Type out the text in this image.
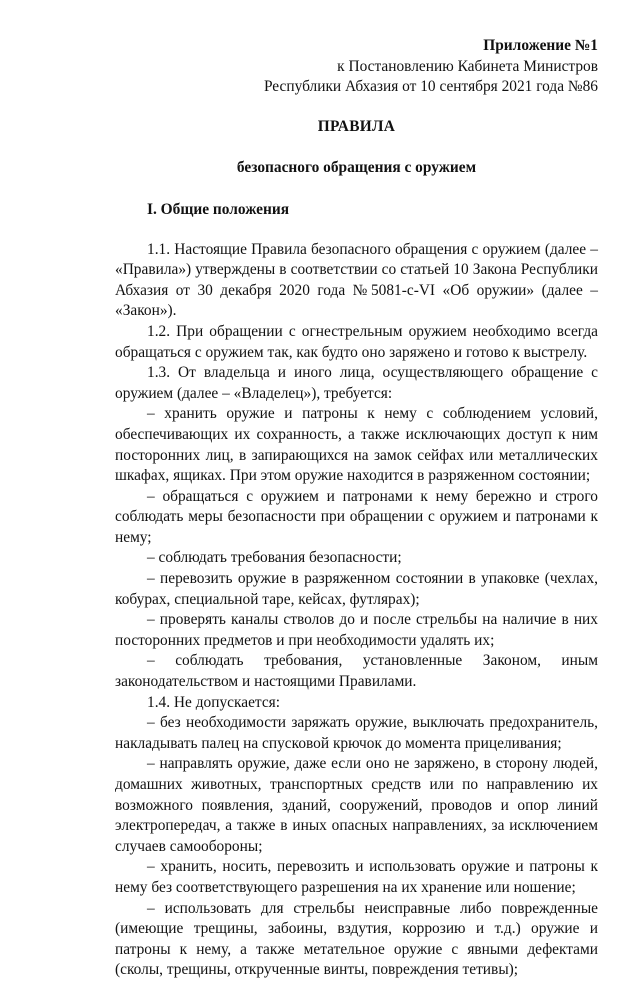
Приложение №1
к Постановлению Кабинета Министров
Республики Абхазия от 10 сентября 2021 года №86
ПРАВИЛА
безопасного обращения с оружием
I. Общие положения

1.1. Настоящие Правила безопасного обращения с оружием (далее – «Правила») утверждены в соответствии со статьей 10 Закона Республики Абхазия от 30 декабря 2020 года №5081-с-VI «Об оружии» (далее – «Закон»).

1.2. При обращении с огнестрельным оружием необходимо всегда обращаться с оружием так, как будто оно заряжено и готово к выстрелу.

1.3. От владельца и иного лица, осуществляющего обращение с оружием (далее – «Владелец»), требуется:

– хранить оружие и патроны к нему с соблюдением условий, обеспечивающих их сохранность, а также исключающих доступ к ним посторонних лиц, в запирающихся на замок сейфах или металлических шкафах, ящиках. При этом оружие находится в разряженном состоянии;

– обращаться с оружием и патронами к нему бережно и строго соблюдать меры безопасности при обращении с оружием и патронами к нему;

– соблюдать требования безопасности;

– перевозить оружие в разряженном состоянии в упаковке (чехлах, кобурах, специальной таре, кейсах, футлярах);

– проверять каналы стволов до и после стрельбы на наличие в них посторонних предметов и при необходимости удалять их;

– соблюдать требования, установленные Законом, иным законодательством и настоящими Правилами.

1.4. Не допускается:

– без необходимости заряжать оружие, выключать предохранитель, накладывать палец на спусковой крючок до момента прицеливания;

– направлять оружие, даже если оно не заряжено, в сторону людей, домашних животных, транспортных средств или по направлению их возможного появления, зданий, сооружений, проводов и опор линий электропередач, а также в иных опасных направлениях, за исключением случаев самообороны;

– хранить, носить, перевозить и использовать оружие и патроны к нему без соответствующего разрешения на их хранение или ношение;

– использовать для стрельбы неисправные либо поврежденные (имеющие трещины, забоины, вздутия, коррозию и т.д.) оружие и патроны к нему, а также метательное оружие с явными дефектами (сколы, трещины, открученные винты, повреждения тетивы);
